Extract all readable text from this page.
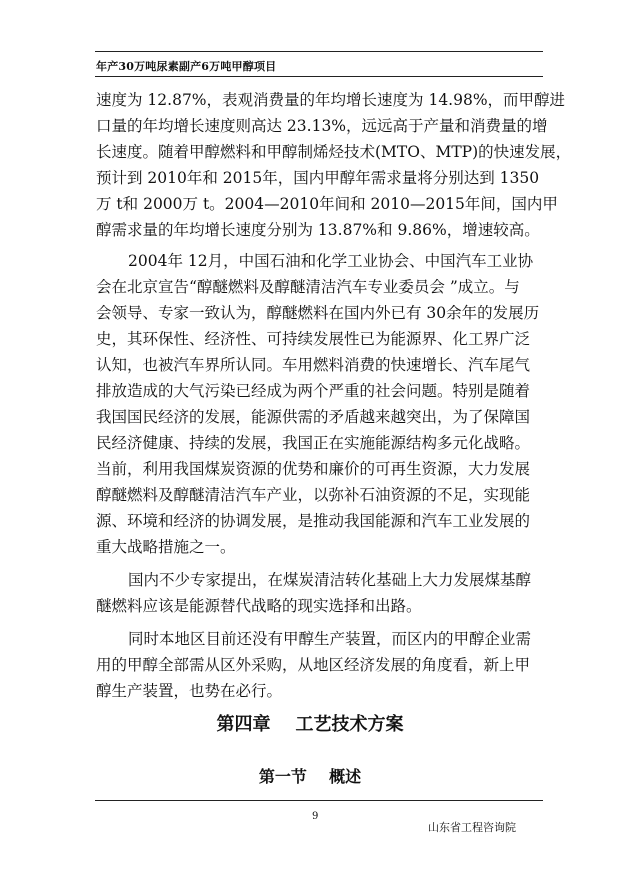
年产30万吨尿素副产6万吨甲醇项目
速度为 12.87%，表观消费量的年均增长速度为 14.98%，而甲醇进
口量的年均增长速度则高达 23.13%，远远高于产量和消费量的增
长速度。随着甲醇燃料和甲醇制烯烃技术(MTO、MTP)的快速发展，
预计到 2010年和 2015年，国内甲醇年需求量将分别达到 1350
万 t和 2000万 t。2004—2010年间和 2010—2015年间，国内甲
醇需求量的年均增长速度分别为 13.87%和 9.86%，增速较高。
2004年 12月，中国石油和化学工业协会、中国汽车工业协
会在北京宣告“醇醚燃料及醇醚清洁汽车专业委员会 ”成立。与
会领导、专家一致认为，醇醚燃料在国内外已有 30余年的发展历
史，其环保性、经济性、可持续发展性已为能源界、化工界广泛
认知，也被汽车界所认同。车用燃料消费的快速增长、汽车尾气
排放造成的大气污染已经成为两个严重的社会问题。特别是随着
我国国民经济的发展，能源供需的矛盾越来越突出，为了保障国
民经济健康、持续的发展，我国正在实施能源结构多元化战略。
当前，利用我国煤炭资源的优势和廉价的可再生资源，大力发展
醇醚燃料及醇醚清洁汽车产业，以弥补石油资源的不足，实现能
源、环境和经济的协调发展，是推动我国能源和汽车工业发展的
重大战略措施之一。
国内不少专家提出，在煤炭清洁转化基础上大力发展煤基醇
醚燃料应该是能源替代战略的现实选择和出路。
同时本地区目前还没有甲醇生产装置，而区内的甲醇企业需
用的甲醇全部需从区外采购，从地区经济发展的角度看，新上甲
醇生产装置，也势在必行。
第四章    工艺技术方案
第一节    概述
9
山东省工程咨询院
